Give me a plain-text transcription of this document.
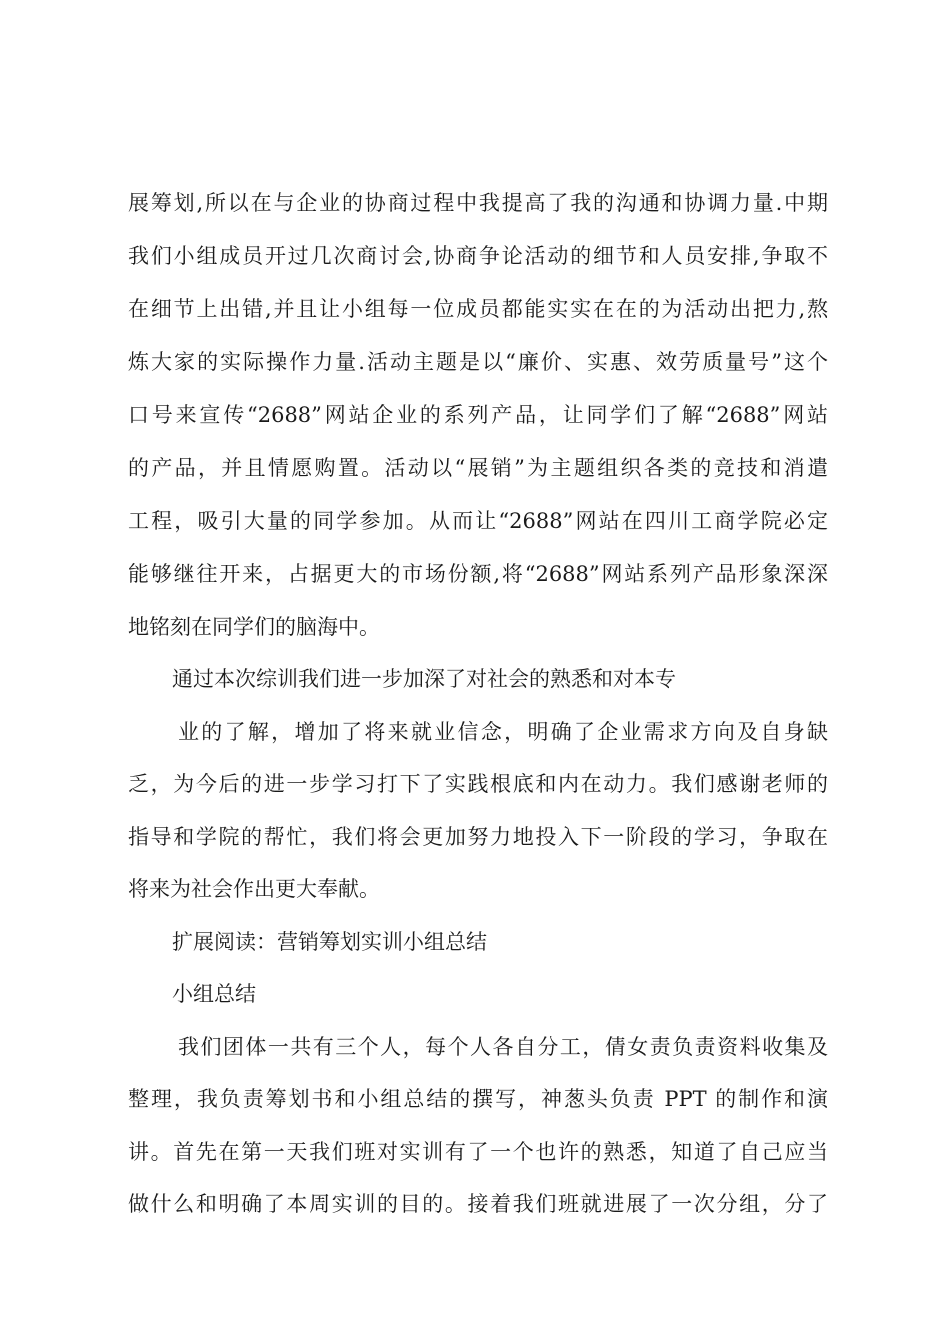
展筹划,所以在与企业的协商过程中我提高了我的沟通和协调力量.中期
我们小组成员开过几次商讨会,协商争论活动的细节和人员安排,争取不
在细节上出错,并且让小组每一位成员都能实实在在的为活动出把力,熬
炼大家的实际操作力量.活动主题是以“廉价、实惠、效劳质量号”这个
口号来宣传“2688”网站企业的系列产品，让同学们了解“2688”网站
的产品，并且情愿购置。活动以“展销”为主题组织各类的竞技和消遣
工程，吸引大量的同学参加。从而让“2688”网站在四川工商学院必定
能够继往开来，占据更大的市场份额,将“2688”网站系列产品形象深深
地铭刻在同学们的脑海中。
通过本次综训我们进一步加深了对社会的熟悉和对本专
业的了解，增加了将来就业信念，明确了企业需求方向及自身缺
乏，为今后的进一步学习打下了实践根底和内在动力。我们感谢老师的
指导和学院的帮忙，我们将会更加努力地投入下一阶段的学习，争取在
将来为社会作出更大奉献。
扩展阅读：营销筹划实训小组总结
小组总结
我们团体一共有三个人，每个人各自分工，倩女责负责资料收集及
整理，我负责筹划书和小组总结的撰写，神葱头负责 PPT 的制作和演
讲。首先在第一天我们班对实训有了一个也许的熟悉，知道了自己应当
做什么和明确了本周实训的目的。接着我们班就进展了一次分组，分了
